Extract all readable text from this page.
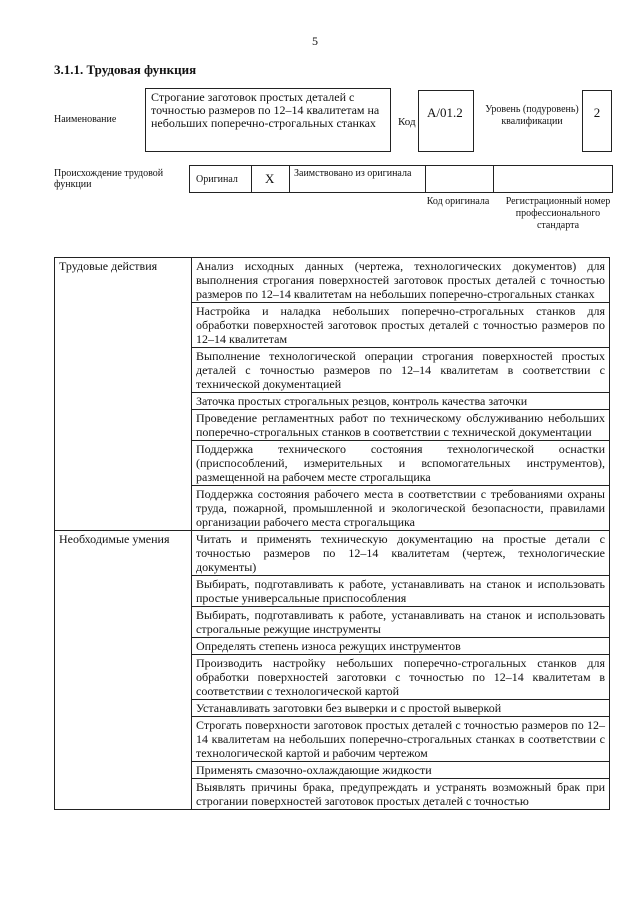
5
3.1.1. Трудовая функция
Наименование
Строгание заготовок простых деталей с точностью размеров по 12–14 квалитетам на небольших поперечно-строгальных станках	Код
А/01.2	Уровень (подуровень) квалификации
2
Происхождение трудовой функции	Оригинал X Заимствовано из оригинала
Код оригинала	Регистрационный номер профессионального стандарта
Трудовые действия	Анализ исходных данных (чертежа, технологических документов) для выполнения строгания поверхностей заготовок простых деталей с точностью размеров по 12–14 квалитетам на небольших поперечно-строгальных станках
	Настройка и наладка небольших поперечно-строгальных станков для обработки поверхностей заготовок простых деталей с точностью размеров по 12–14 квалитетам
	Выполнение технологической операции строгания поверхностей простых деталей с точностью размеров по 12–14 квалитетам в соответствии с технической документацией
	Заточка простых строгальных резцов, контроль качества заточки
	Проведение регламентных работ по техническому обслуживанию небольших поперечно-строгальных станков в соответствии с технической документации
	Поддержка технического состояния технологической оснастки (приспособлений, измерительных и вспомогательных инструментов), размещенной на рабочем месте строгальщика
	Поддержка состояния рабочего места в соответствии с требованиями охраны труда, пожарной, промышленной и экологической безопасности, правилами организации рабочего места строгальщика
Необходимые умения	Читать и применять техническую документацию на простые детали с точностью размеров по 12–14 квалитетам (чертеж, технологические документы)
	Выбирать, подготавливать к работе, устанавливать на станок и использовать простые универсальные приспособления
	Выбирать, подготавливать к работе, устанавливать на станок и использовать строгальные режущие инструменты
	Определять степень износа режущих инструментов
	Производить настройку небольших поперечно-строгальных станков для обработки поверхностей заготовки с точностью по 12–14 квалитетам в соответствии с технологической картой
	Устанавливать заготовки без выверки и с простой выверкой
	Строгать поверхности заготовок простых деталей с точностью размеров по 12–14 квалитетам на небольших поперечно-строгальных станках в соответствии с технологической картой и рабочим чертежом
	Применять смазочно-охлаждающие жидкости
	Выявлять причины брака, предупреждать и устранять возможный брак при строгании поверхностей заготовок простых деталей с точностью
